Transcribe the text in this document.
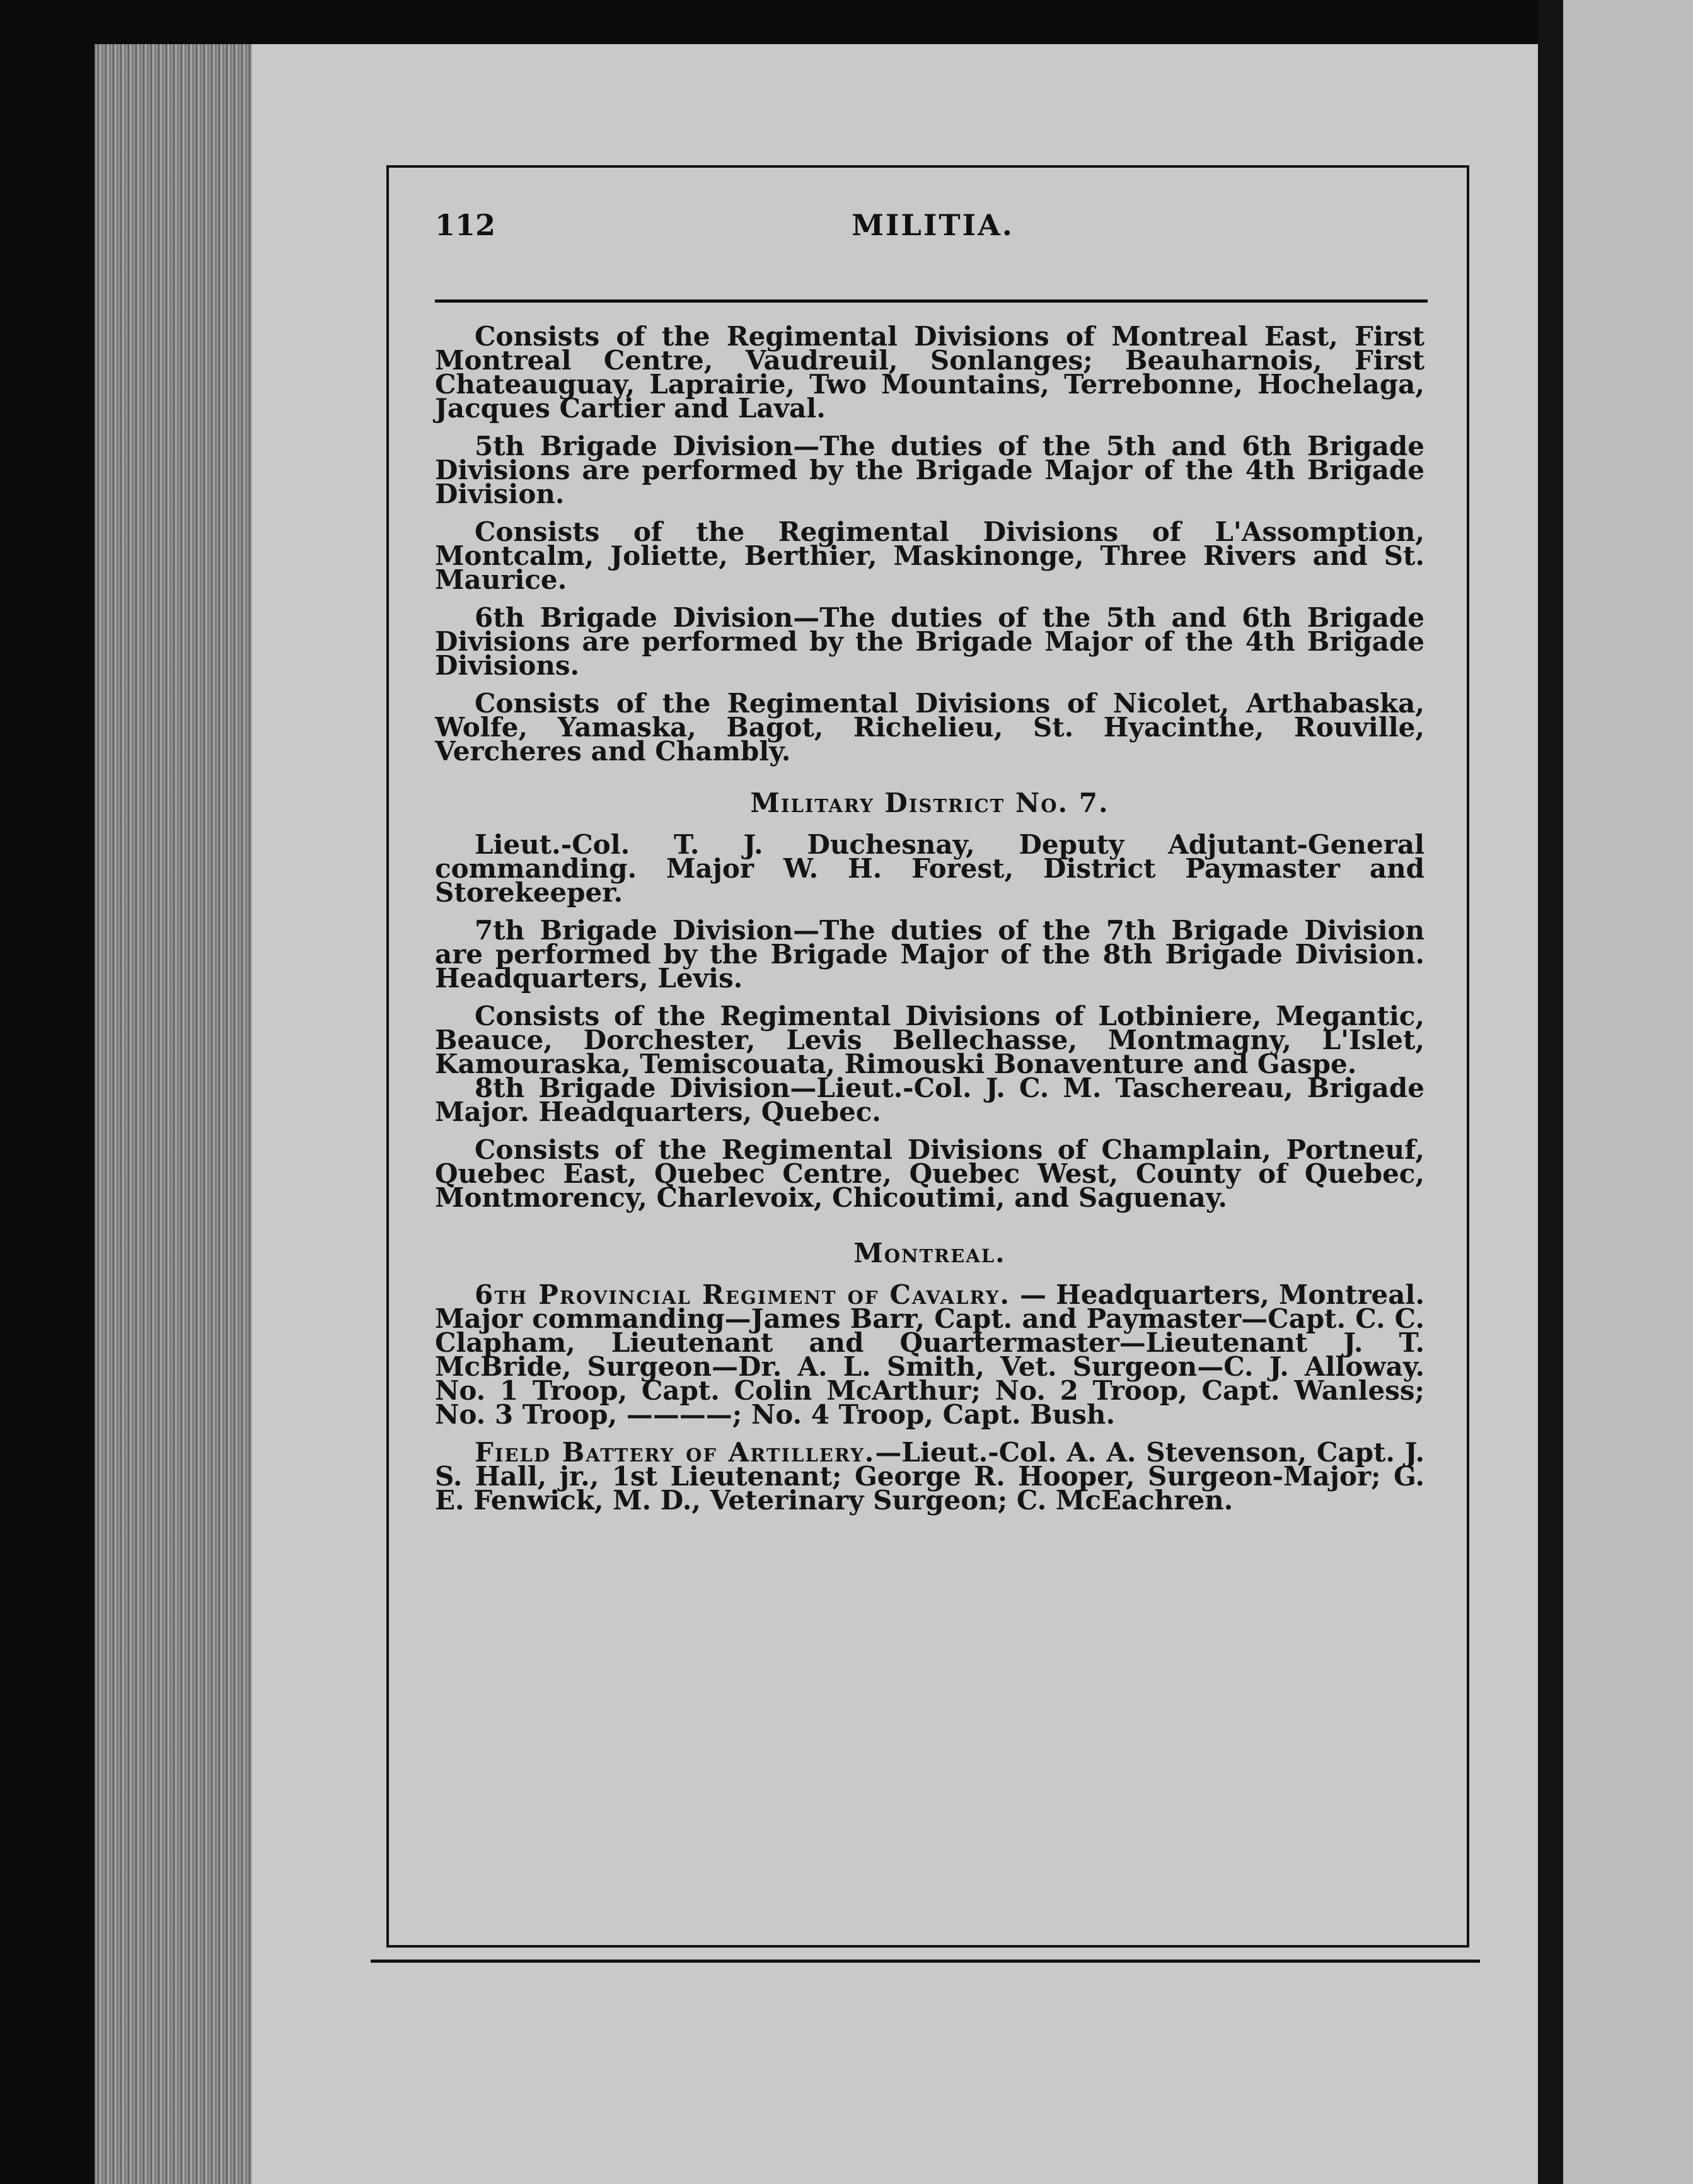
112	MILITIA.

Consists of the Regimental Divisions of Montreal East, First Montreal Centre, Vaudreuil, Sonlanges; Beauharnois, First Chateauguay, Laprairie, Two Mountains, Terrebonne, Hochelaga, Jacques Cartier and Laval.

5th Brigade Division—The duties of the 5th and 6th Brigade Divisions are performed by the Brigade Major of the 4th Brigade Division.

Consists of the Regimental Divisions of L'Assomption, Montcalm, Joliette, Berthier, Maskinonge, Three Rivers and St. Maurice.

6th Brigade Division—The duties of the 5th and 6th Brigade Divisions are performed by the Brigade Major of the 4th Brigade Divisions.

Consists of the Regimental Divisions of Nicolet, Arthabaska, Wolfe, Yamaska, Bagot, Richelieu, St. Hyacinthe, Rouville, Vercheres and Chambly.

Military District No. 7.

Lieut.-Col. T. J. Duchesnay, Deputy Adjutant-General commanding. Major W. H. Forest, District Paymaster and Storekeeper.

7th Brigade Division—The duties of the 7th Brigade Division are performed by the Brigade Major of the 8th Brigade Division. Headquarters, Levis.

Consists of the Regimental Divisions of Lotbiniere, Megantic, Beauce, Dorchester, Levis Bellechasse, Montmagny, L'Islet, Kamouraska, Temiscouata, Rimouski Bonaventure and Gaspe.

8th Brigade Division—Lieut.-Col. J. C. M. Taschereau, Brigade Major. Headquarters, Quebec.

Consists of the Regimental Divisions of Champlain, Portneuf, Quebec East, Quebec Centre, Quebec West, County of Quebec, Montmorency, Charlevoix, Chicoutimi, and Saguenay.

Montreal.

6th Provincial Regiment of Cavalry. — Headquarters, Montreal. Major commanding—James Barr, Capt. and Paymaster—Capt. C. C. Clapham, Lieutenant and Quartermaster—Lieutenant J. T. McBride, Surgeon—Dr. A. L. Smith, Vet. Surgeon—C. J. Alloway. No. 1 Troop, Capt. Colin McArthur; No. 2 Troop, Capt. Wanless; No. 3 Troop, ————; No. 4 Troop, Capt. Bush.

Field Battery of Artillery.—Lieut.-Col. A. A. Stevenson, Capt. J. S. Hall, jr., 1st Lieutenant; George R. Hooper, Surgeon-Major; G. E. Fenwick, M. D., Veterinary Surgeon; C. McEachren.
